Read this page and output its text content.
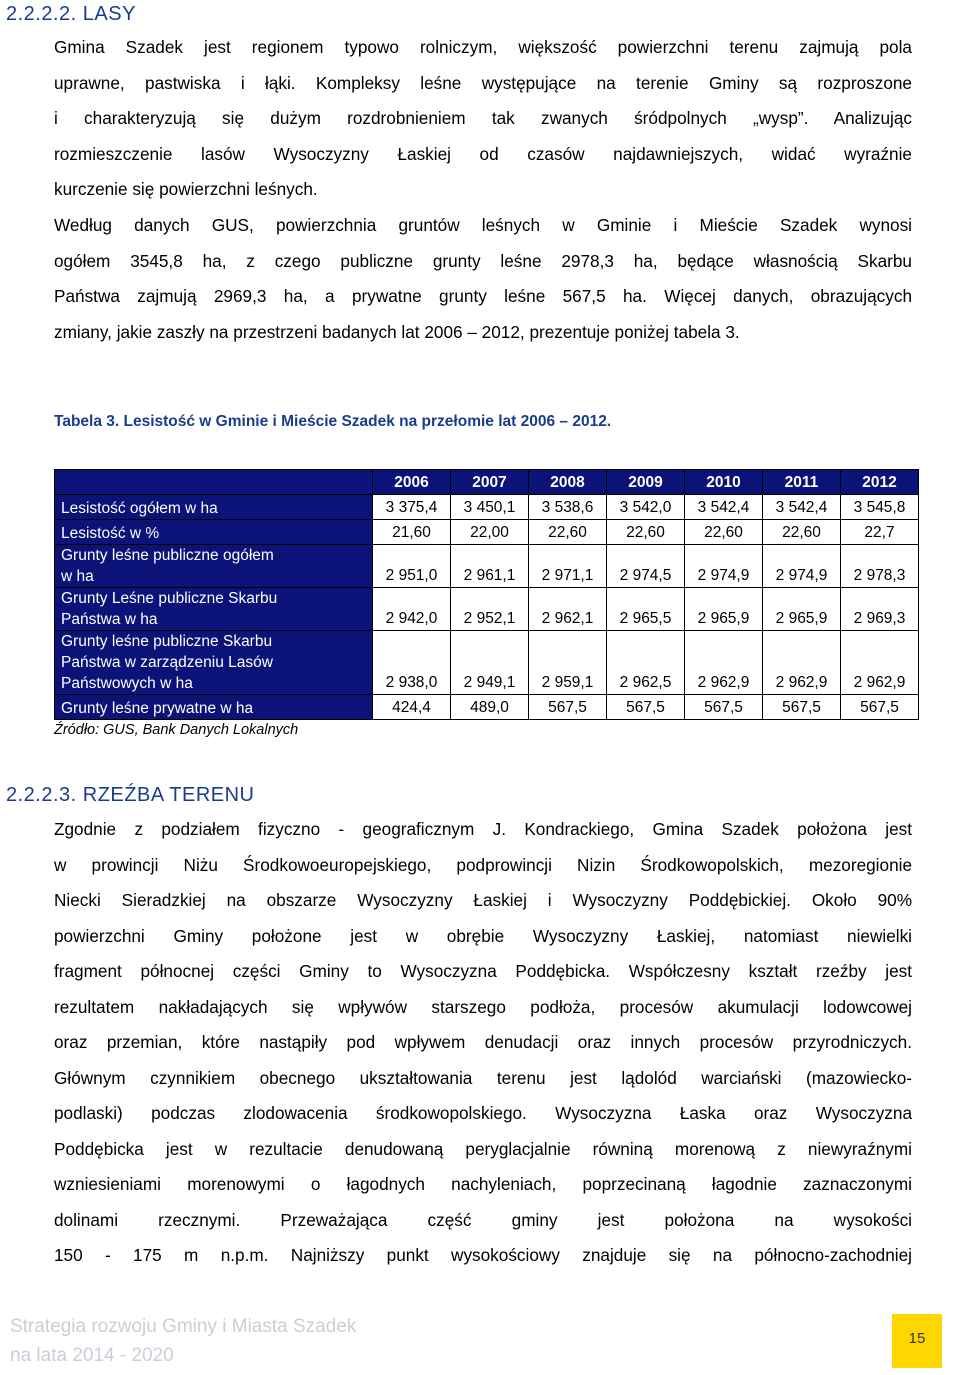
2.2.2.2. LASY
Gmina Szadek jest regionem typowo rolniczym, większość powierzchni terenu zajmują pola
uprawne, pastwiska i łąki. Kompleksy leśne występujące na terenie Gminy są rozproszone
i charakteryzują się dużym rozdrobnieniem tak zwanych śródpolnych „wysp”. Analizując
rozmieszczenie lasów Wysoczyzny Łaskiej od czasów najdawniejszych, widać wyraźnie
kurczenie się powierzchni leśnych.
Według danych GUS, powierzchnia gruntów leśnych w Gminie i Mieście Szadek wynosi
ogółem 3545,8 ha, z czego publiczne grunty leśne 2978,3 ha, będące własnością Skarbu
Państwa zajmują 2969,3 ha, a prywatne grunty leśne 567,5 ha. Więcej danych, obrazujących
zmiany, jakie zaszły na przestrzeni badanych lat 2006 – 2012, prezentuje poniżej tabela 3.
Tabela 3. Lesistość w Gminie i Mieście Szadek na przełomie lat 2006 – 2012.
	2006	2007	2008	2009	2010	2011	2012

Lesistość ogółem w ha	3 375,4	3 450,1	3 538,6	3 542,0	3 542,4	3 542,4	3 545,8

Lesistość w %	21,60	22,00	22,60	22,60	22,60	22,60	22,7

Grunty leśne publiczne ogółem
w ha	2 951,0	2 961,1	2 971,1	2 974,5	2 974,9	2 974,9	2 978,3

Grunty Leśne publiczne Skarbu
Państwa w ha	2 942,0	2 952,1	2 962,1	2 965,5	2 965,9	2 965,9	2 969,3

Grunty leśne publiczne Skarbu
Państwa w zarządzeniu Lasów
Państwowych w ha	2 938,0	2 949,1	2 959,1	2 962,5	2 962,9	2 962,9	2 962,9

Grunty leśne prywatne w ha	424,4	489,0	567,5	567,5	567,5	567,5	567,5
Źródło: GUS, Bank Danych Lokalnych
2.2.2.3. RZEŹBA TERENU
Zgodnie z podziałem fizyczno - geograficznym J. Kondrackiego, Gmina Szadek położona jest
w prowincji Niżu Środkowoeuropejskiego, podprowincji Nizin Środkowopolskich, mezoregionie
Niecki Sieradzkiej na obszarze Wysoczyzny Łaskiej i Wysoczyzny Poddębickiej. Około 90%
powierzchni Gminy położone jest w obrębie Wysoczyzny Łaskiej, natomiast niewielki
fragment północnej części Gminy to Wysoczyzna Poddębicka. Współczesny kształt rzeźby jest
rezultatem nakładających się wpływów starszego podłoża, procesów akumulacji lodowcowej
oraz przemian, które nastąpiły pod wpływem denudacji oraz innych procesów przyrodniczych.
Głównym czynnikiem obecnego ukształtowania terenu jest lądolód warciański (mazowiecko-
podlaski) podczas zlodowacenia środkowopolskiego. Wysoczyzna Łaska oraz Wysoczyzna
Poddębicka jest w rezultacie denudowaną peryglacjalnie równiną morenową z niewyraźnymi
wzniesieniami morenowymi o łagodnych nachyleniach, poprzecinaną łagodnie zaznaczonymi
dolinami rzecznymi. Przeważająca część gminy jest położona na wysokości
150 - 175 m n.p.m. Najniższy punkt wysokościowy znajduje się na północno-zachodniej
Strategia rozwoju Gminy i Miasta Szadek
na lata 2014 - 2020
15
